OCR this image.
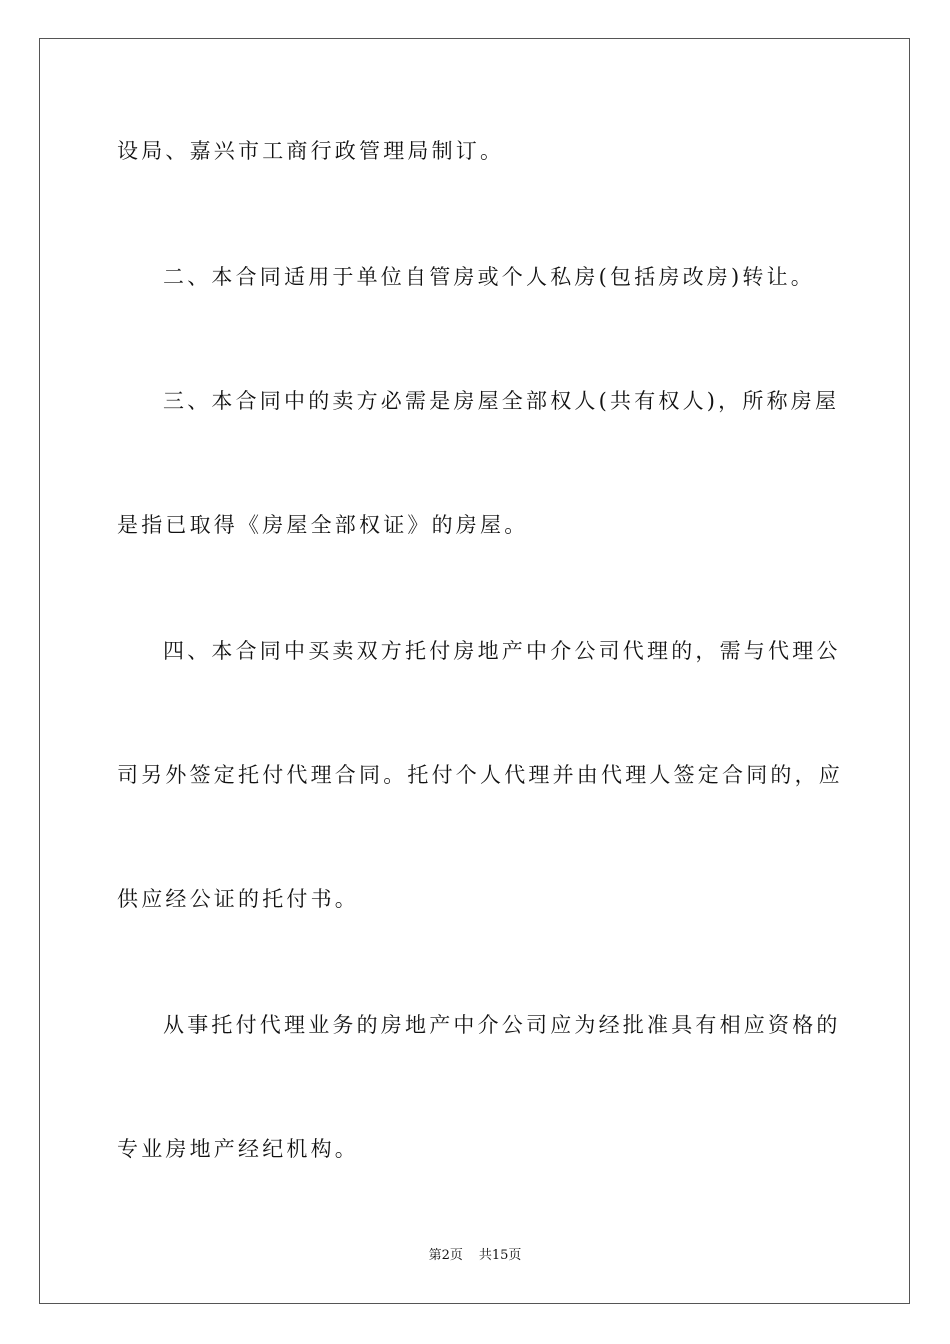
设局、嘉兴市工商行政管理局制订。
二、本合同适用于单位自管房或个人私房(包括房改房)转让。
三、本合同中的卖方必需是房屋全部权人(共有权人)，所称房屋
是指已取得《房屋全部权证》的房屋。
四、本合同中买卖双方托付房地产中介公司代理的，需与代理公
司另外签定托付代理合同。托付个人代理并由代理人签定合同的，应
供应经公证的托付书。
从事托付代理业务的房地产中介公司应为经批准具有相应资格的
专业房地产经纪机构。
第2页 共15页
